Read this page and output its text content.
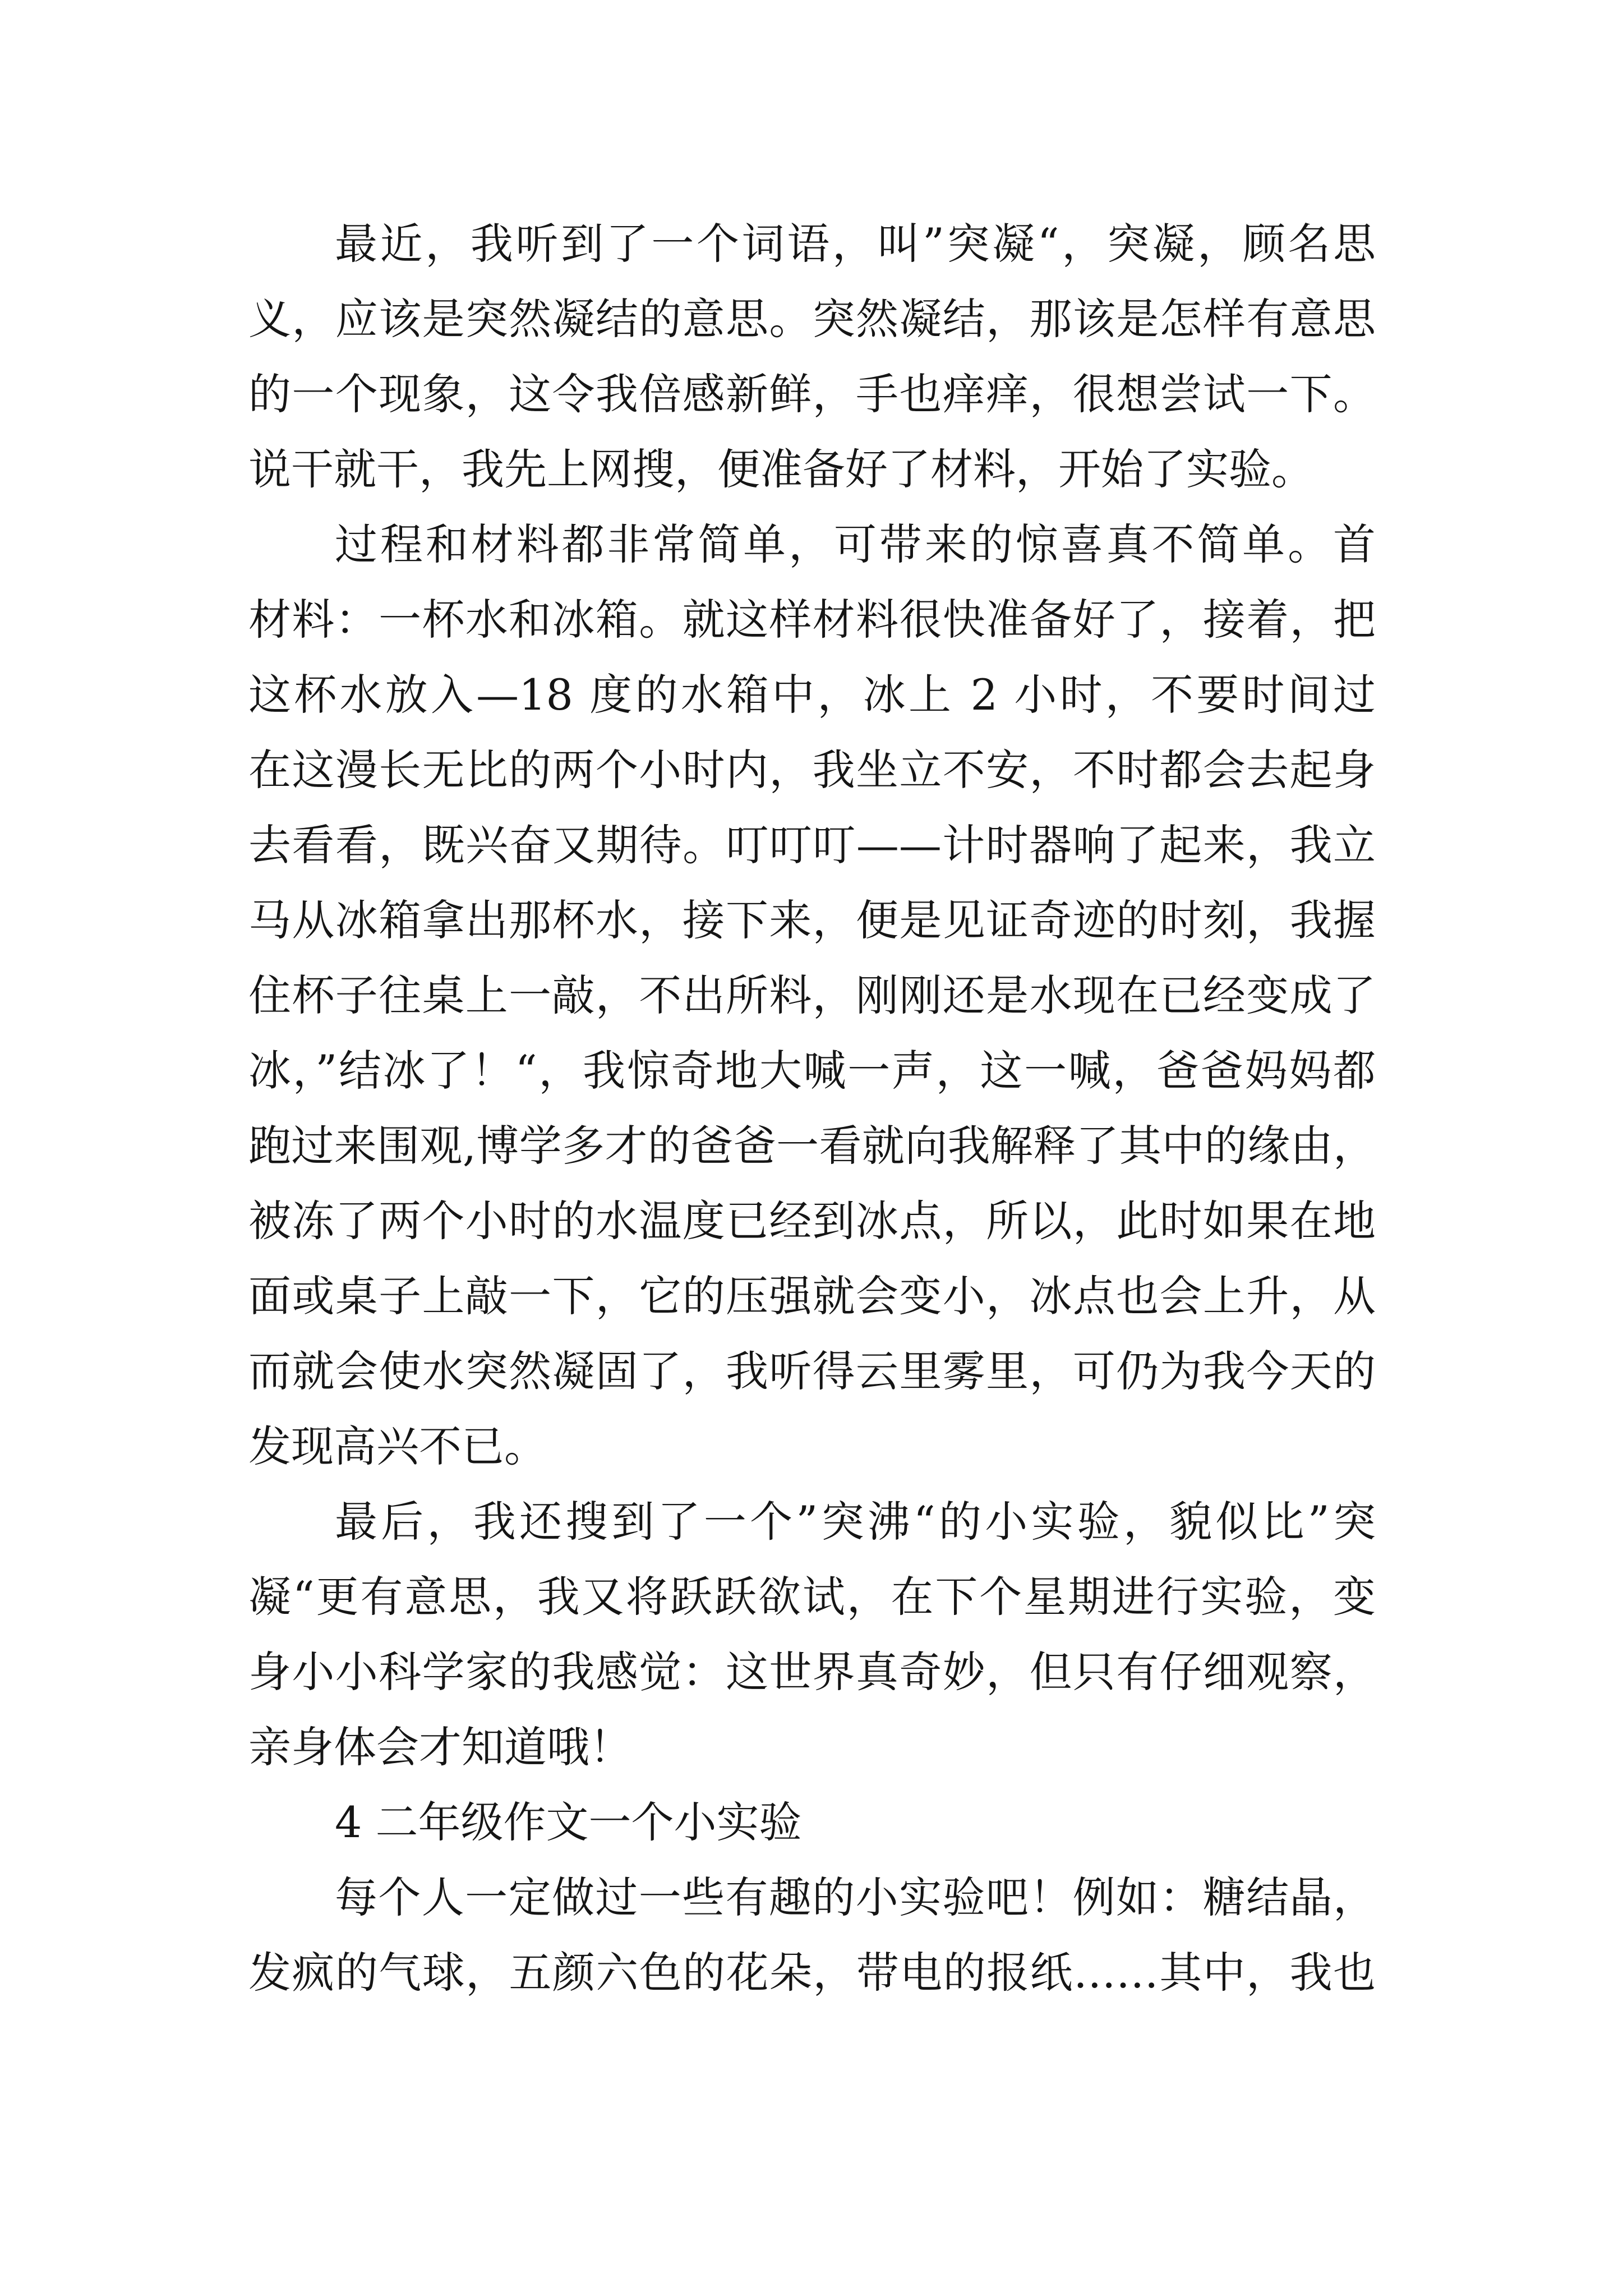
最近，我听到了一个词语，叫”突凝“，突凝，顾名思
义，应该是突然凝结的意思。突然凝结，那该是怎样有意思
的一个现象，这令我倍感新鲜，手也痒痒，很想尝试一下。
说干就干，我先上网搜，便准备好了材料，开始了实验。
过程和材料都非常简单，可带来的惊喜真不简单。首
材料：一杯水和冰箱。就这样材料很快准备好了，接着，把
这杯水放入—18 度的水箱中，冰上 2 小时，不要时间过
在这漫长无比的两个小时内，我坐立不安，不时都会去起身
去看看，既兴奋又期待。叮叮叮——计时器响了起来，我立
马从冰箱拿出那杯水，接下来，便是见证奇迹的时刻，我握
住杯子往桌上一敲，不出所料，刚刚还是水现在已经变成了
冰，”结冰了！“，我惊奇地大喊一声，这一喊，爸爸妈妈都
跑过来围观,博学多才的爸爸一看就向我解释了其中的缘由，
被冻了两个小时的水温度已经到冰点，所以，此时如果在地
面或桌子上敲一下，它的压强就会变小，冰点也会上升，从
而就会使水突然凝固了，我听得云里雾里，可仍为我今天的
发现高兴不已。
最后，我还搜到了一个”突沸“的小实验，貌似比”突
凝“更有意思，我又将跃跃欲试，在下个星期进行实验，变
身小小科学家的我感觉：这世界真奇妙，但只有仔细观察，
亲身体会才知道哦！
4 二年级作文一个小实验
每个人一定做过一些有趣的小实验吧！例如：糖结晶，
发疯的气球，五颜六色的花朵，带电的报纸……其中，我也
